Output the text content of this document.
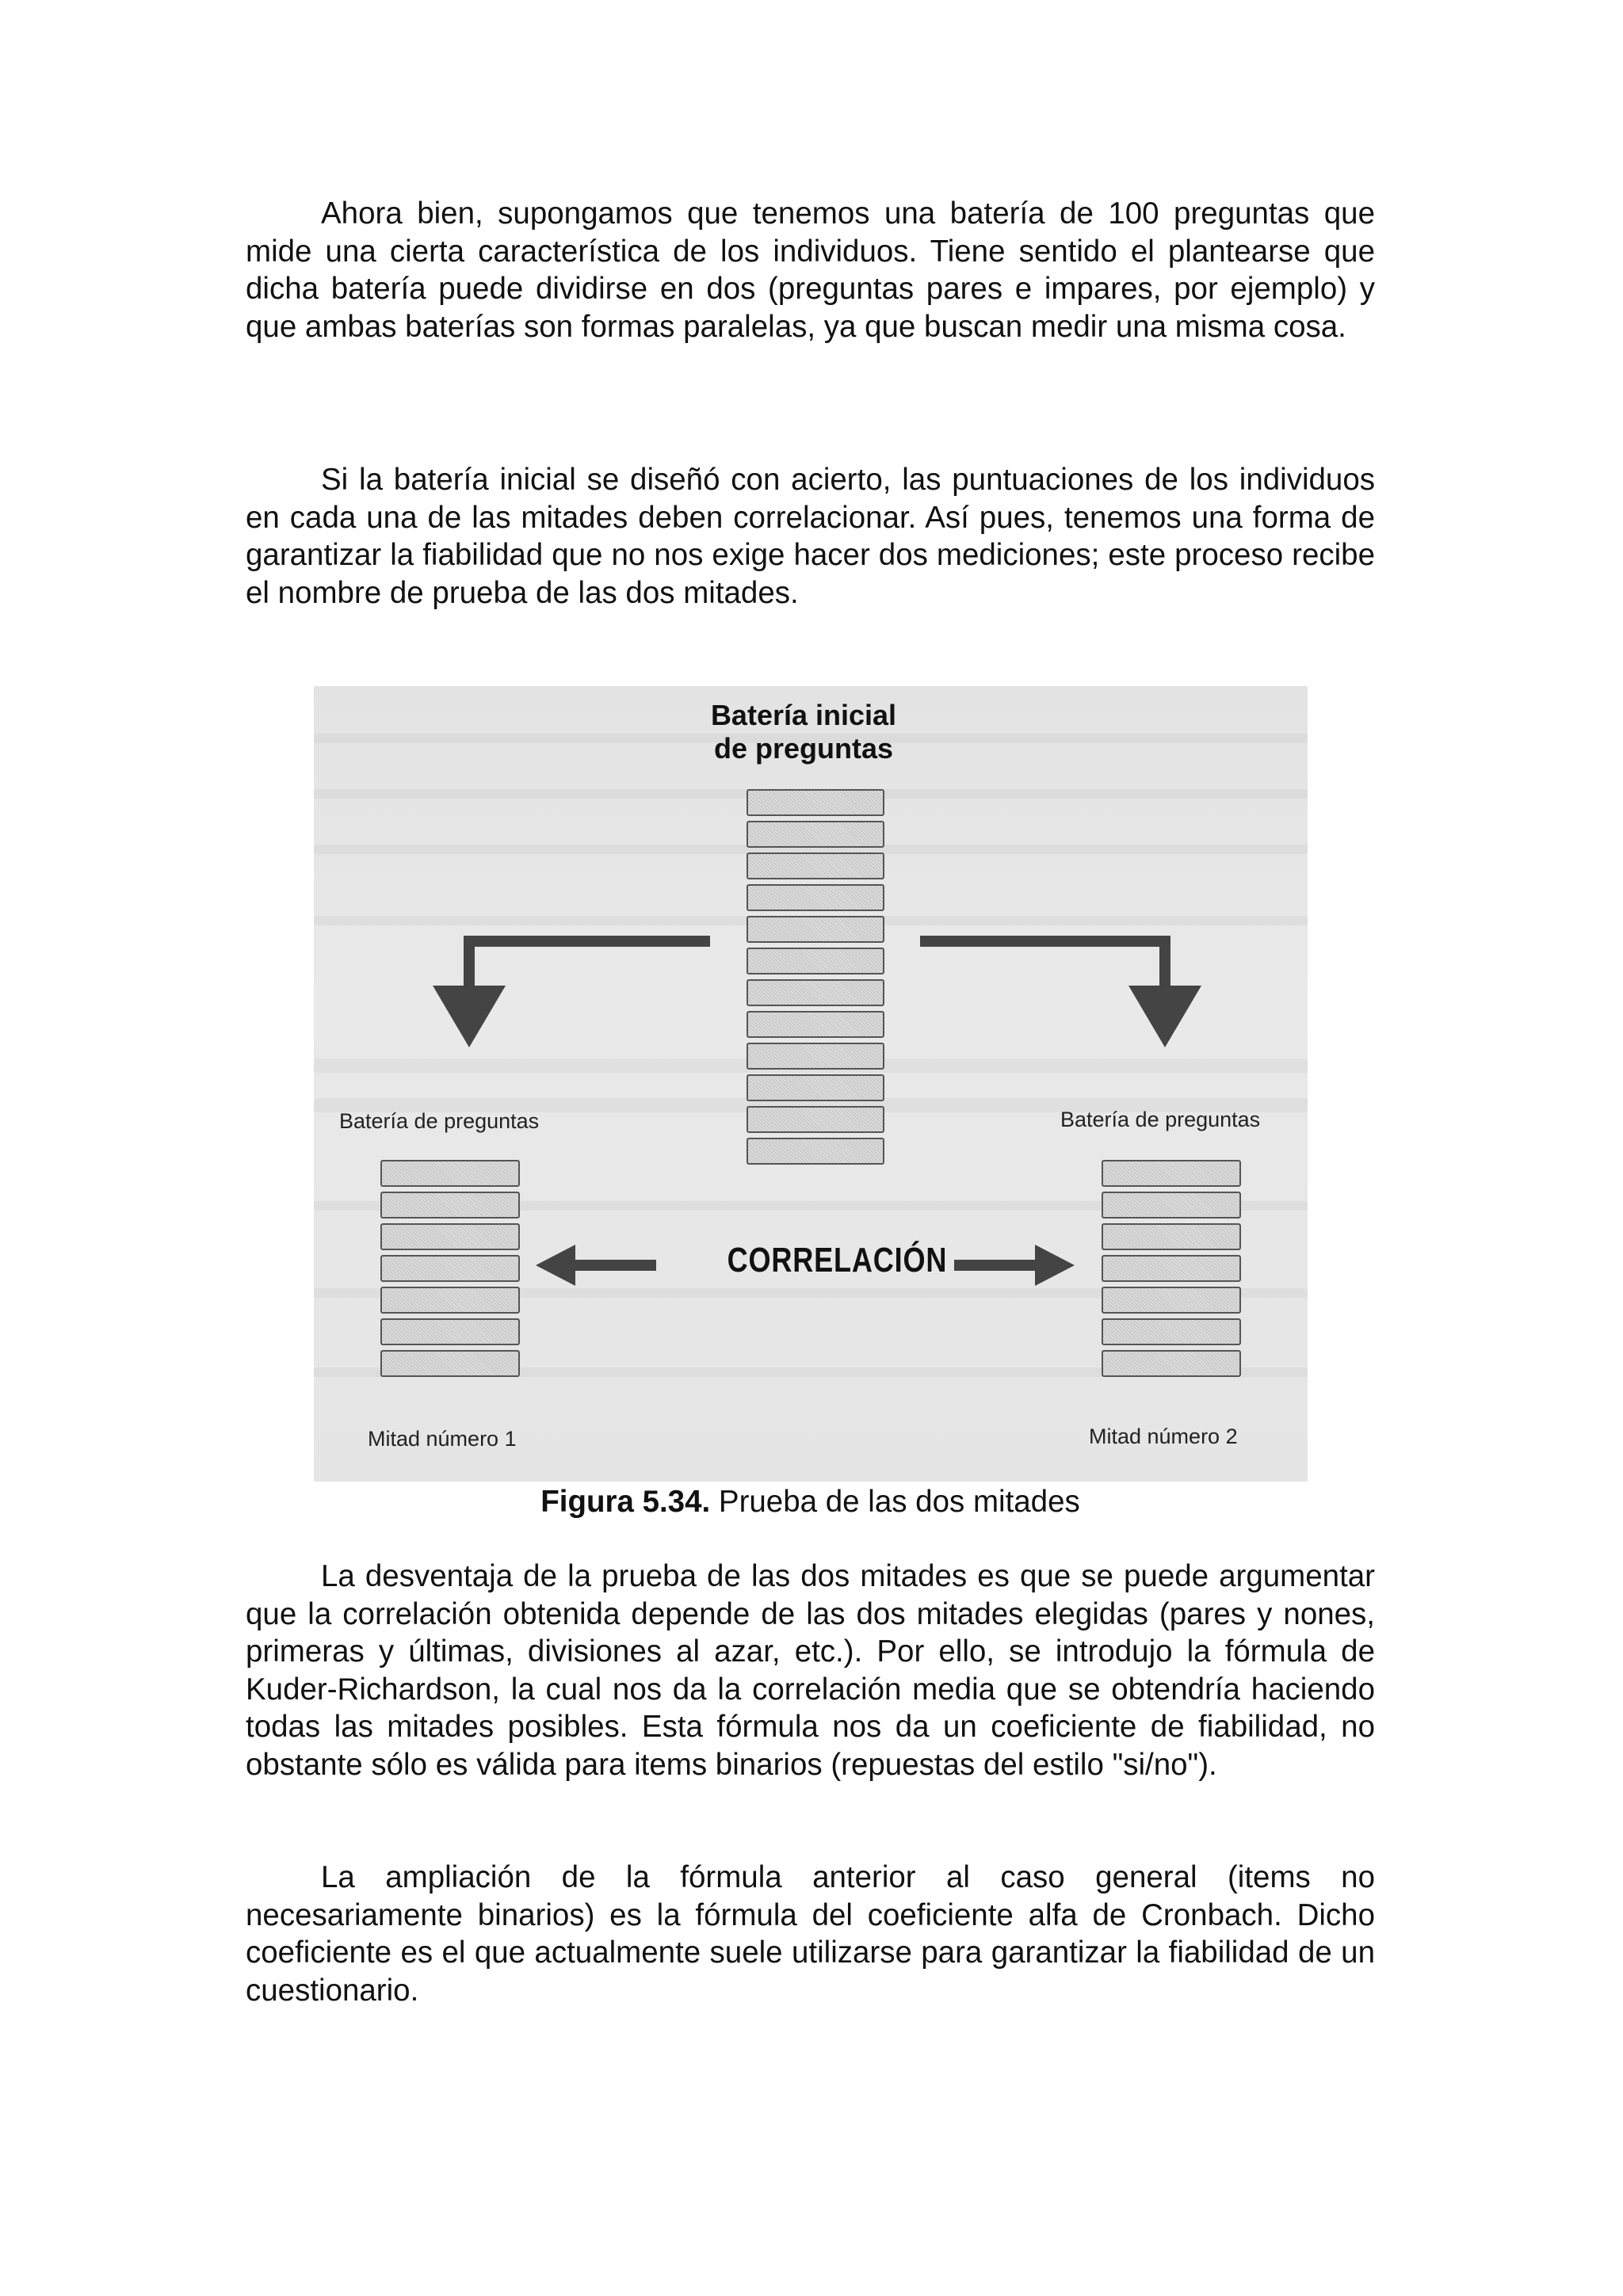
Ahora bien, supongamos que tenemos una batería de 100 preguntas que mide una cierta característica de los individuos. Tiene sentido el plantearse que dicha batería puede dividirse en dos (preguntas pares e impares, por ejemplo) y que ambas baterías son formas paralelas, ya que buscan medir una misma cosa.

Si la batería inicial se diseñó con acierto, las puntuaciones de los individuos en cada una de las mitades deben correlacionar. Así pues, tenemos una forma de garantizar la fiabilidad que no nos exige hacer dos mediciones; este proceso recibe el nombre de prueba de las dos mitades.

Batería inicial
de preguntas
Batería de preguntas	Batería de preguntas
CORRELACIÓN
Mitad número 1	Mitad número 2
Figura 5.34. Prueba de las dos mitades

La desventaja de la prueba de las dos mitades es que se puede argumentar que la correlación obtenida depende de las dos mitades elegidas (pares y nones, primeras y últimas, divisiones al azar, etc.). Por ello, se introdujo la fórmula de Kuder-Richardson, la cual nos da la correlación media que se obtendría haciendo todas las mitades posibles. Esta fórmula nos da un coeficiente de fiabilidad, no obstante sólo es válida para items binarios (repuestas del estilo "si/no").

La ampliación de la fórmula anterior al caso general (items no necesariamente binarios) es la fórmula del coeficiente alfa de Cronbach. Dicho coeficiente es el que actualmente suele utilizarse para garantizar la fiabilidad de un cuestionario.
